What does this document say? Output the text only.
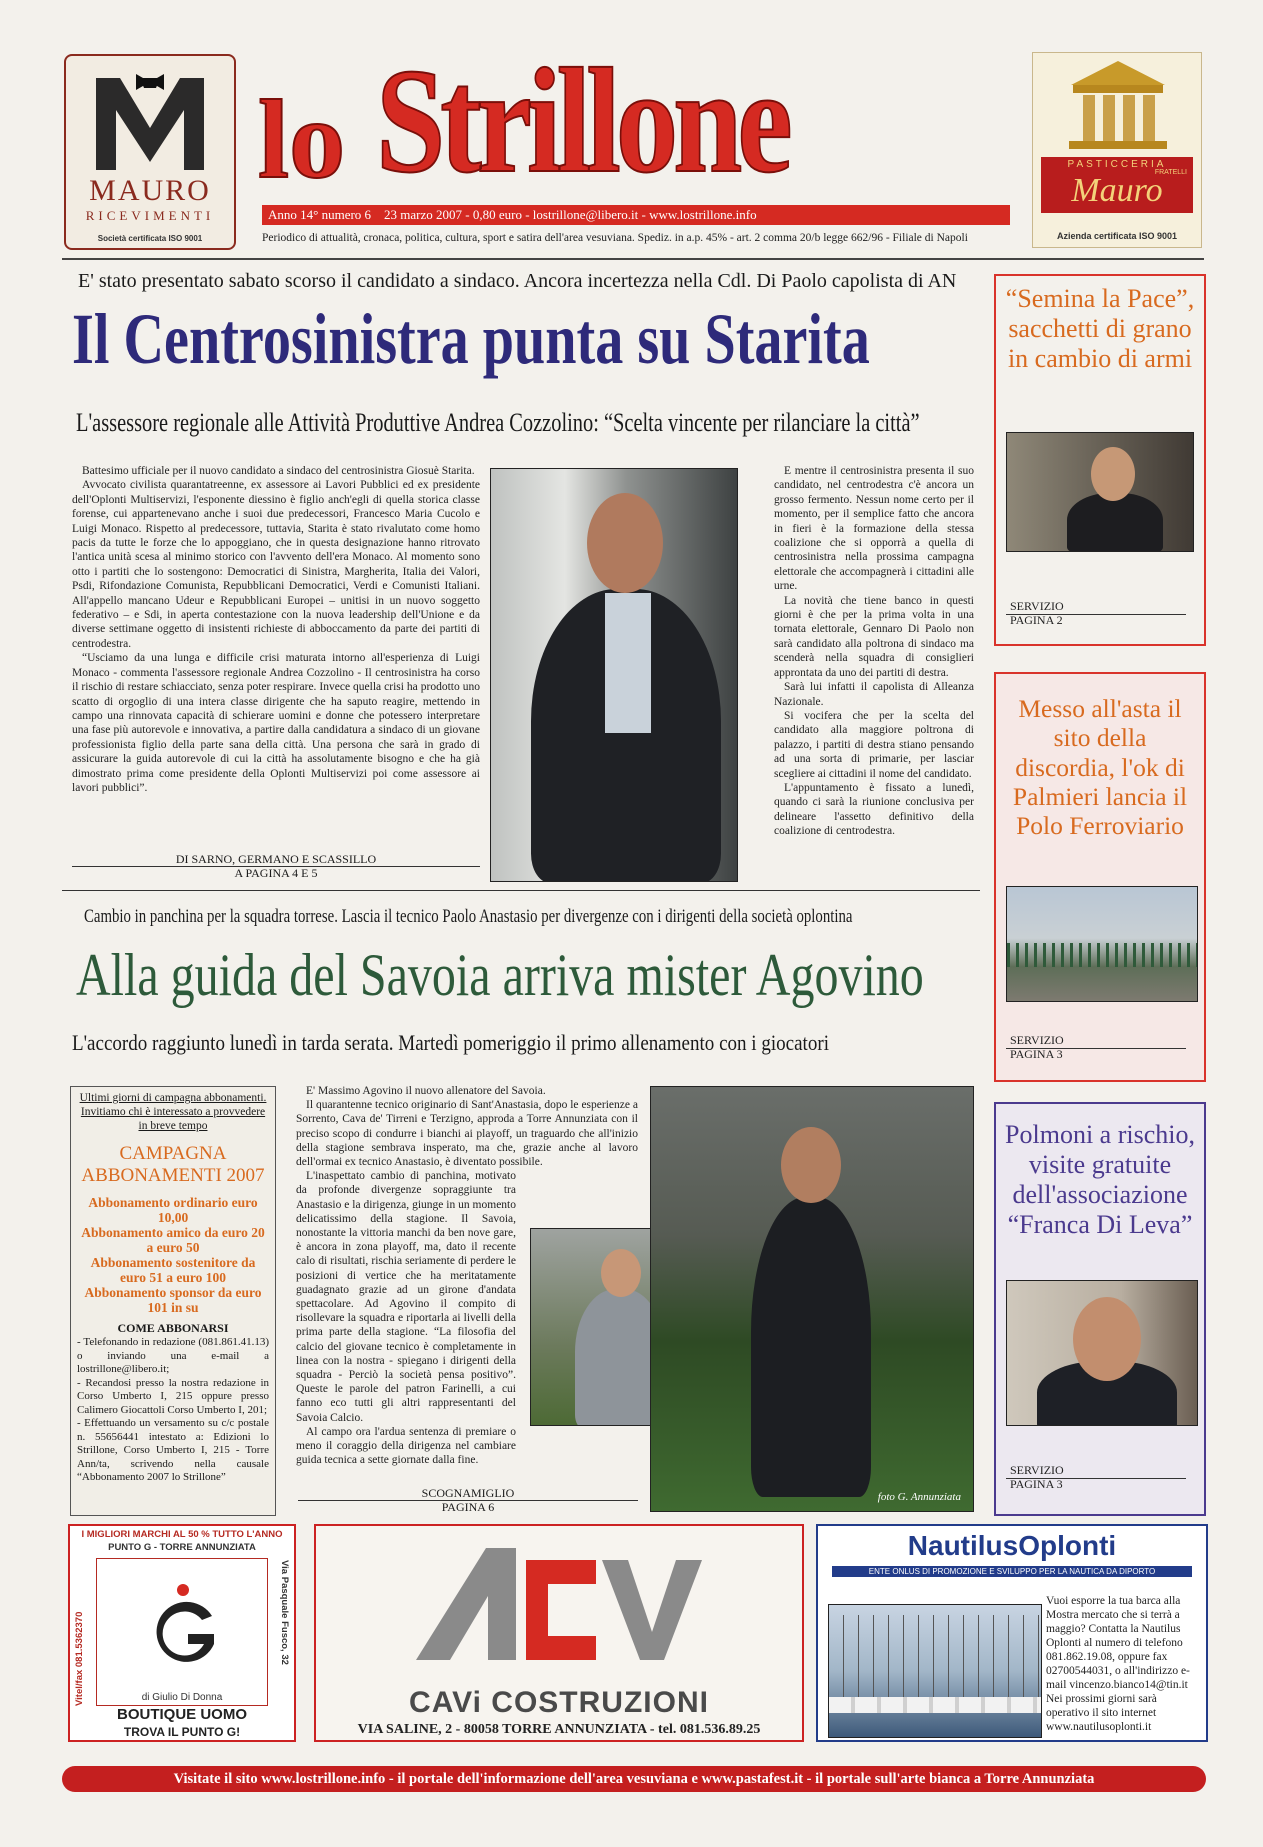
MAURO
RICEVIMENTI
Società certificata ISO 9001
lo Strillone
Anno 14° numero 6    23 marzo 2007 - 0,80 euro - lostrillone@libero.it - www.lostrillone.info
Periodico di attualità, cronaca, politica, cultura, sport e satira dell'area vesuviana. Spediz. in a.p. 45% - art. 2 comma 20/b legge 662/96 - Filiale di Napoli
PASTICCERIA
Mauro
FRATELLI
Azienda certificata ISO 9001
E' stato presentato sabato scorso il candidato a sindaco. Ancora incertezza nella Cdl. Di Paolo capolista di AN
Il Centrosinistra punta su Starita
L'assessore regionale alle Attività Produttive Andrea Cozzolino: “Scelta vincente per rilanciare la città”

Battesimo ufficiale per il nuovo candidato a sindaco del centrosinistra Giosuè Starita.

Avvocato civilista quarantatreenne, ex assessore ai Lavori Pubblici ed ex presidente dell'Oplonti Multiservizi, l'esponente diessino è figlio anch'egli di quella storica classe forense, cui appartenevano anche i suoi due predecessori, Francesco Maria Cucolo e Luigi Monaco. Rispetto al predecessore, tuttavia, Starita è stato rivalutato come homo pacis da tutte le forze che lo appoggiano, che in questa designazione hanno ritrovato l'antica unità scesa al minimo storico con l'avvento dell'era Monaco. Al momento sono otto i partiti che lo sostengono: Democratici di Sinistra, Margherita, Italia dei Valori, Psdi, Rifondazione Comunista, Repubblicani Democratici, Verdi e Comunisti Italiani. All'appello mancano Udeur e Repubblicani Europei – unitisi in un nuovo soggetto federativo – e Sdi, in aperta contestazione con la nuova leadership dell'Unione e da diverse settimane oggetto di insistenti richieste di abboccamento da parte dei partiti di centrodestra.

“Usciamo da una lunga e difficile crisi maturata intorno all'esperienza di Luigi Monaco - commenta l'assessore regionale Andrea Cozzolino - Il centrosinistra ha corso il rischio di restare schiacciato, senza poter respirare. Invece quella crisi ha prodotto uno scatto di orgoglio di una intera classe dirigente che ha saputo reagire, mettendo in campo una rinnovata capacità di schierare uomini e donne che potessero interpretare una fase più autorevole e innovativa, a partire dalla candidatura a sindaco di un giovane professionista figlio della parte sana della città. Una persona che sarà in grado di assicurare la guida autorevole di cui la città ha assolutamente bisogno e che ha già dimostrato prima come presidente della Oplonti Multiservizi poi come assessore ai lavori pubblici”.

DI SARNO, GERMANO E SCASSILLO
A PAGINA 4 E 5

E mentre il centrosinistra presenta il suo candidato, nel centrodestra c'è ancora un grosso fermento. Nessun nome certo per il momento, per il semplice fatto che ancora in fieri è la formazione della stessa coalizione che si opporrà a quella di centrosinistra nella prossima campagna elettorale che accompagnerà i cittadini alle urne.

La novità che tiene banco in questi giorni è che per la prima volta in una tornata elettorale, Gennaro Di Paolo non sarà candidato alla poltrona di sindaco ma scenderà nella squadra di consiglieri approntata da uno dei partiti di destra.

Sarà lui infatti il capolista di Alleanza Nazionale.

Si vocifera che per la scelta del candidato alla maggiore poltrona di palazzo, i partiti di destra stiano pensando ad una sorta di primarie, per lasciar scegliere ai cittadini il nome del candidato.

L'appuntamento è fissato a lunedì, quando ci sarà la riunione conclusiva per delineare l'assetto definitivo della coalizione di centrodestra.

Cambio in panchina per la squadra torrese. Lascia il tecnico Paolo Anastasio per divergenze con i dirigenti della società oplontina
Alla guida del Savoia arriva mister Agovino
L'accordo raggiunto lunedì in tarda serata. Martedì pomeriggio il primo allenamento con i giocatori
Ultimi giorni di campagna abbonamenti. Invitiamo chi è interessato a provvedere in breve tempo
CAMPAGNA ABBONAMENTI 2007
Abbonamento ordinario euro 10,00
Abbonamento amico da euro 20 a euro 50
Abbonamento sostenitore da euro 51 a euro 100
Abbonamento sponsor da euro 101 in su
COME ABBONARSI
- Telefonando in redazione (081.861.41.13) o inviando una e-mail a lostrillone@libero.it;
- Recandosi presso la nostra redazione in Corso Umberto I, 215 oppure presso Calimero Giocattoli Corso Umberto I, 201;
- Effettuando un versamento su c/c postale n. 55656441 intestato a: Edizioni lo Strillone, Corso Umberto I, 215 - Torre Ann/ta, scrivendo nella causale “Abbonamento 2007 lo Strillone”

E' Massimo Agovino il nuovo allenatore del Savoia.

Il quarantenne tecnico originario di Sant'Anastasia, dopo le esperienze a Sorrento, Cava de' Tirreni e Terzigno, approda a Torre Annunziata con il preciso scopo di condurre i bianchi ai playoff, un traguardo che all'inizio della stagione sembrava insperato, ma che, grazie anche al lavoro dell'ormai ex tecnico Anastasio, è diventato possibile.

L'inaspettato cambio di panchina, motivato da profonde divergenze sopraggiunte tra Anastasio e la dirigenza, giunge in un momento delicatissimo della stagione. Il Savoia, nonostante la vittoria manchi da ben nove gare, è ancora in zona playoff, ma, dato il recente calo di risultati, rischia seriamente di perdere le posizioni di vertice che ha meritatamente guadagnato grazie ad un girone d'andata spettacolare. Ad Agovino il compito di risollevare la squadra e riportarla ai livelli della prima parte della stagione. “La filosofia del calcio del giovane tecnico è completamente in linea con la nostra - spiegano i dirigenti della squadra - Perciò la società pensa positivo”. Queste le parole del patron Farinelli, a cui fanno eco tutti gli altri rappresentanti del Savoia Calcio.

Al campo ora l'ardua sentenza di premiare o meno il coraggio della dirigenza nel cambiare guida tecnica a sette giornate dalla fine.

foto G. Annunziata
SCOGNAMIGLIO
PAGINA 6
“Semina la Pace”, sacchetti di grano in cambio di armi
SERVIZIO
PAGINA 2
Messo all'asta il sito della discordia, l'ok di Palmieri lancia il Polo Ferroviario
SERVIZIO
PAGINA 3
Polmoni a rischio, visite gratuite dell'associazione “Franca Di Leva”
SERVIZIO
PAGINA 3
I MIGLIORI MARCHI AL 50 % TUTTO L'ANNO
PUNTO G - TORRE ANNUNZIATA
Vitel/fax 081.5362370	Via Pasquale Fusco, 32
di Giulio Di Donna
BOUTIQUE UOMO
TROVA IL PUNTO G!
CAVi COSTRUZIONI
VIA SALINE, 2 - 80058 TORRE ANNUNZIATA - tel. 081.536.89.25
NautilusOplonti
ENTE ONLUS DI PROMOZIONE E SVILUPPO PER LA NAUTICA DA DIPORTO
Vuoi esporre la tua barca alla Mostra mercato che si terrà a maggio? Contatta la Nautilus Oplonti al numero di telefono 081.862.19.08, oppure fax 02700544031, o all'indirizzo e-mail vincenzo.bianco14@tin.it Nei prossimi giorni sarà operativo il sito internet www.nautilusoplonti.it
Visitate il sito www.lostrillone.info - il portale dell'informazione dell'area vesuviana e www.pastafest.it - il portale sull'arte bianca a Torre Annunziata
